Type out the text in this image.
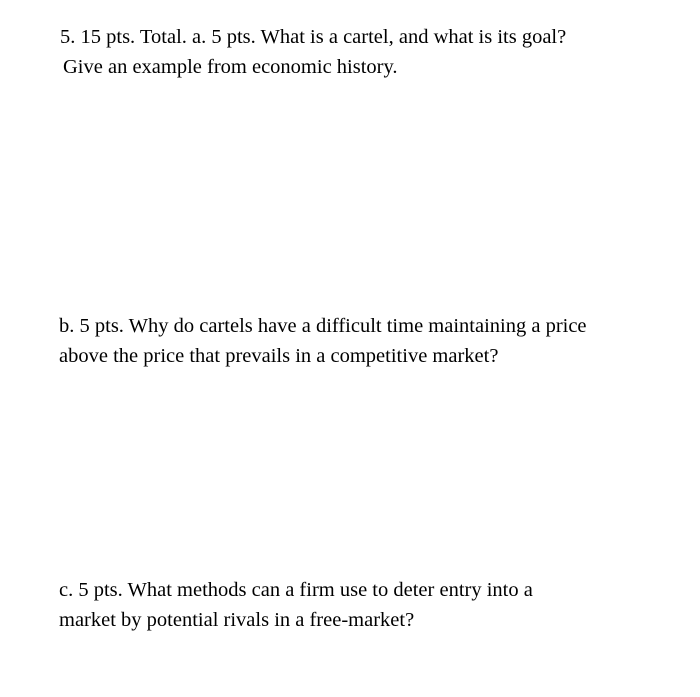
5. 15 pts. Total. a. 5 pts. What is a cartel, and what is its goal?
Give an example from economic history.
b. 5 pts. Why do cartels have a difficult time maintaining a price
above the price that prevails in a competitive market?
c. 5 pts. What methods can a firm use to deter entry into a
market by potential rivals in a free-market?
